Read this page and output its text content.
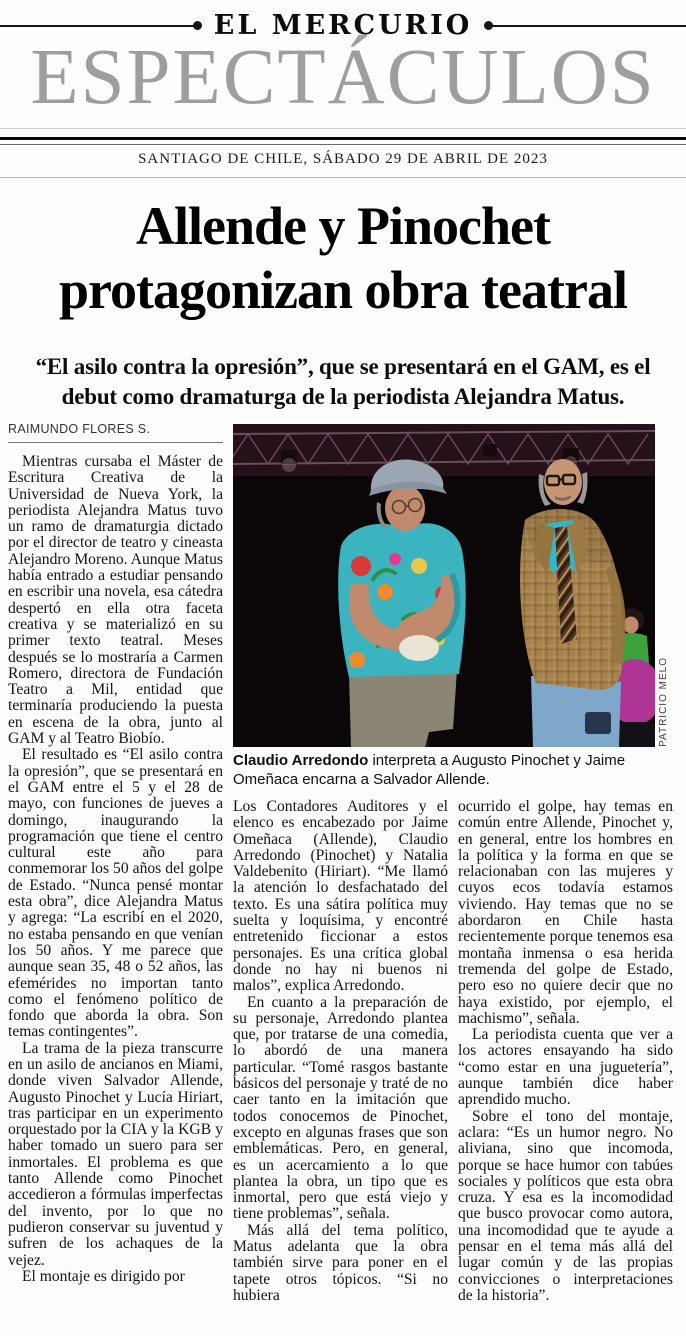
EL MERCURIO
ESPECTÁCULOS
SANTIAGO DE CHILE, SÁBADO 29 DE ABRIL DE 2023
Allende y Pinochet
protagonizan obra teatral
“El asilo contra la opresión”, que se presentará en el GAM, es el
debut como dramaturga de la periodista Alejandra Matus.
RAIMUNDO FLORES S.
PATRICIO MELO
Claudio Arredondo interpreta a Augusto Pinochet y Jaime Omeñaca encarna a Salvador Allende.

Mientras cursaba el Máster de Escritura Creativa de la Universidad de Nueva York, la periodista Alejandra Matus tuvo un ramo de dramaturgia dictado por el director de teatro y cineasta Alejandro Moreno. Aunque Matus había entrado a estudiar pensando en escribir una novela, esa cátedra despertó en ella otra faceta creativa y se materializó en su primer texto teatral. Meses después se lo mostraría a Carmen Romero, directora de Fundación Teatro a Mil, entidad que terminaría produciendo la puesta en escena de la obra, junto al GAM y al Teatro Biobío.

El resultado es “El asilo contra la opresión”, que se presentará en el GAM entre el 5 y el 28 de mayo, con funciones de jueves a domingo, inaugurando la programación que tiene el centro cultural este año para conmemorar los 50 años del golpe de Estado. “Nunca pensé montar esta obra”, dice Alejandra Matus y agrega: “La escribí en el 2020, no estaba pensando en que venían los 50 años. Y me parece que aunque sean 35, 48 o 52 años, las efemérides no importan tanto como el fenómeno político de fondo que aborda la obra. Son temas contingentes”.

La trama de la pieza transcurre en un asilo de ancianos en Miami, donde viven Salvador Allende, Augusto Pinochet y Lucía Hiriart, tras participar en un experimento orquestado por la CIA y la KGB y haber tomado un suero para ser inmortales. El problema es que tanto Allende como Pinochet accedieron a fórmulas imperfectas del invento, por lo que no pudieron conservar su juventud y sufren de los achaques de la vejez.

El montaje es dirigido por

Los Contadores Auditores y el elenco es encabezado por Jaime Omeñaca (Allende), Claudio Arredondo (Pinochet) y Natalia Valdebenito (Hiriart). “Me llamó la atención lo desfachatado del texto. Es una sátira política muy suelta y loquísima, y encontré entretenido ficcionar a estos personajes. Es una crítica global donde no hay ni buenos ni malos”, explica Arredondo.

En cuanto a la preparación de su personaje, Arredondo plantea que, por tratarse de una comedia, lo abordó de una manera particular. “Tomé rasgos bastante básicos del personaje y traté de no caer tanto en la imitación que todos conocemos de Pinochet, excepto en algunas frases que son emblemáticas. Pero, en general, es un acercamiento a lo que plantea la obra, un tipo que es inmortal, pero que está viejo y tiene problemas”, señala.

Más allá del tema político, Matus adelanta que la obra también sirve para poner en el tapete otros tópicos. “Si no hubiera

ocurrido el golpe, hay temas en común entre Allende, Pinochet y, en general, entre los hombres en la política y la forma en que se relacionaban con las mujeres y cuyos ecos todavía estamos viviendo. Hay temas que no se abordaron en Chile hasta recientemente porque tenemos esa montaña inmensa o esa herida tremenda del golpe de Estado, pero eso no quiere decir que no haya existido, por ejemplo, el machismo”, señala.

La periodista cuenta que ver a los actores ensayando ha sido “como estar en una juguetería”, aunque también dice haber aprendido mucho.

Sobre el tono del montaje, aclara: “Es un humor negro. No aliviana, sino que incomoda, porque se hace humor con tabúes sociales y políticos que esta obra cruza. Y esa es la incomodidad que busco provocar como autora, una incomodidad que te ayude a pensar en el tema más allá del lugar común y de las propias convicciones o interpretaciones de la historia”.
